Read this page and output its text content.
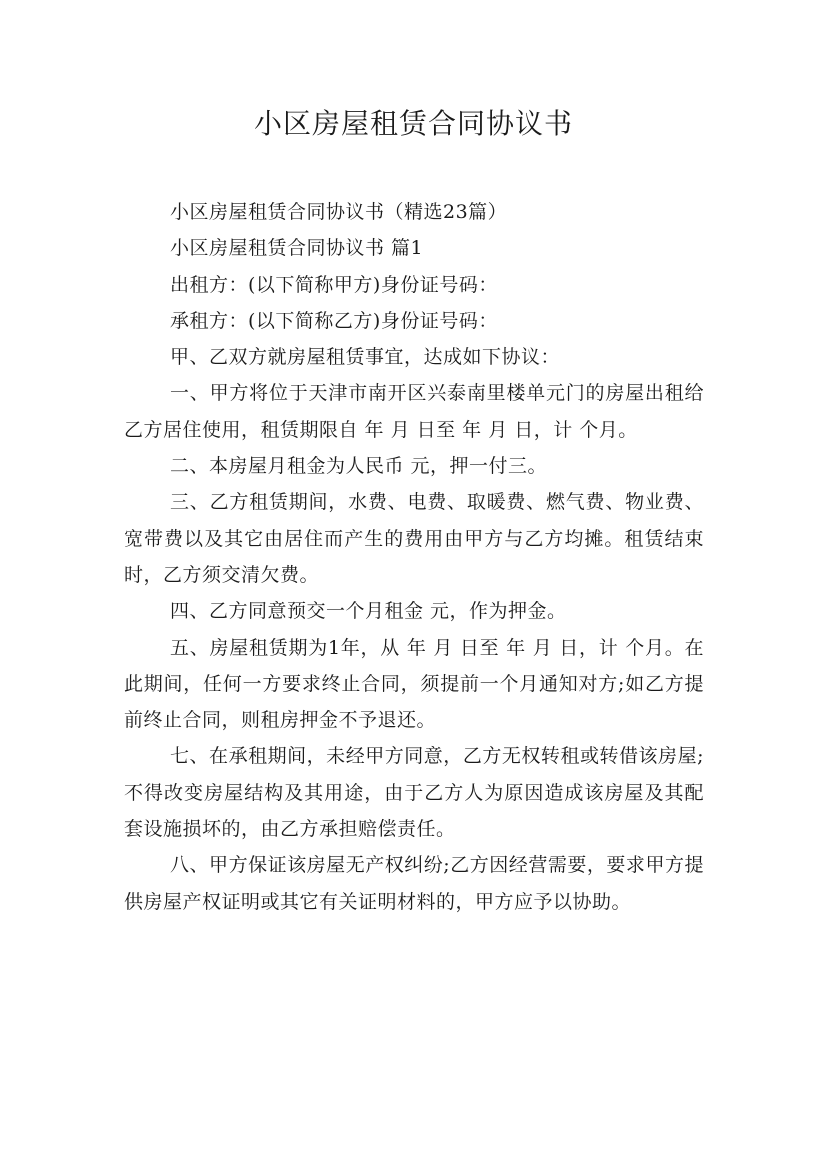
小区房屋租赁合同协议书

小区房屋租赁合同协议书（精选23篇）

小区房屋租赁合同协议书 篇1

出租方：(以下简称甲方)身份证号码：

承租方：(以下简称乙方)身份证号码：

甲、乙双方就房屋租赁事宜，达成如下协议：

一、甲方将位于天津市南开区兴泰南里楼单元门的房屋出租给乙方居住使用，租赁期限自 年 月 日至 年 月 日，计 个月。

二、本房屋月租金为人民币 元，押一付三。

三、乙方租赁期间，水费、电费、取暖费、燃气费、物业费、宽带费以及其它由居住而产生的费用由甲方与乙方均摊。租赁结束时，乙方须交清欠费。

四、乙方同意预交一个月租金 元，作为押金。

五、房屋租赁期为1年，从 年 月 日至 年 月 日，计 个月。在此期间，任何一方要求终止合同，须提前一个月通知对方;如乙方提前终止合同，则租房押金不予退还。

七、在承租期间，未经甲方同意，乙方无权转租或转借该房屋;不得改变房屋结构及其用途，由于乙方人为原因造成该房屋及其配套设施损坏的，由乙方承担赔偿责任。

八、甲方保证该房屋无产权纠纷;乙方因经营需要，要求甲方提供房屋产权证明或其它有关证明材料的，甲方应予以协助。
